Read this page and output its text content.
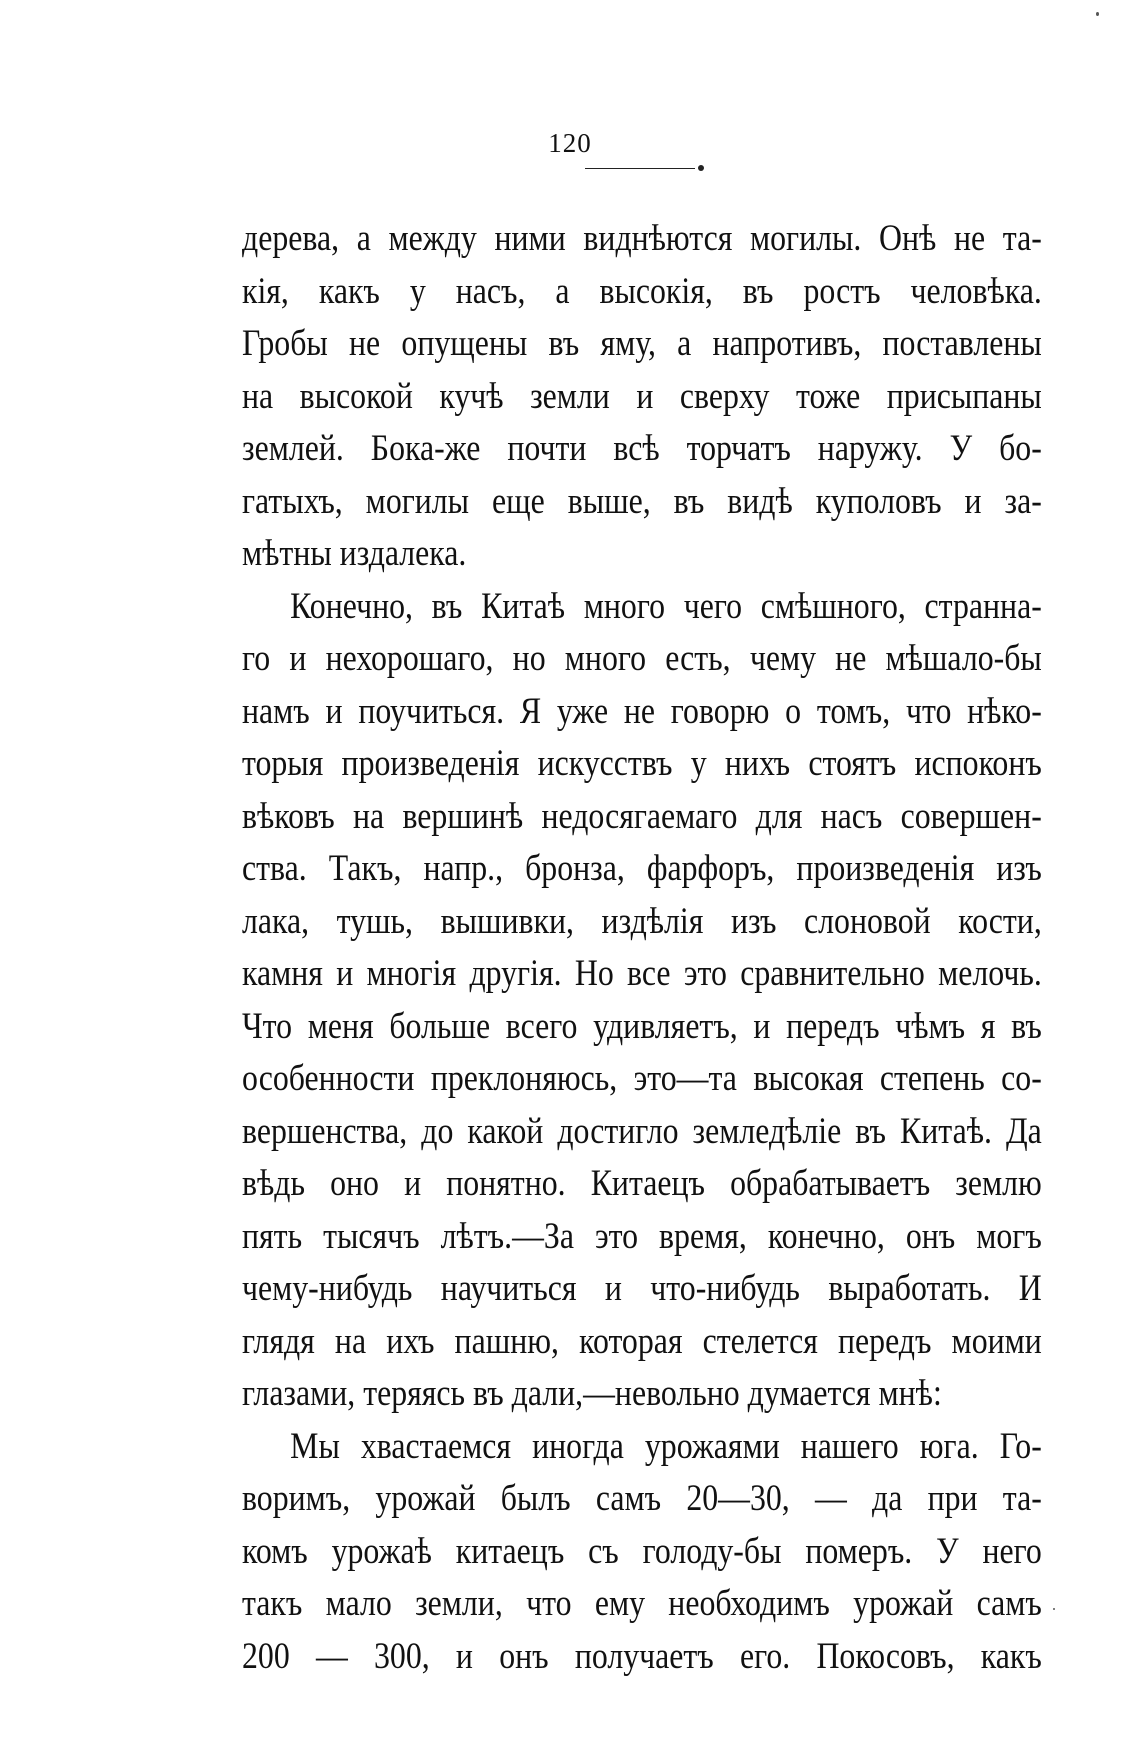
120
дерева, а между ними виднѣются могилы. Онѣ не та-
кія, какъ у насъ, а высокія, въ ростъ человѣка.
Гробы не опущены въ яму, а напротивъ, поставлены
на высокой кучѣ земли и сверху тоже присыпаны
землей. Бока-же почти всѣ торчатъ наружу. У бо-
гатыхъ, могилы еще выше, въ видѣ куполовъ и за-
мѣтны издалека.
Конечно, въ Китаѣ много чего смѣшного, странна-
го и нехорошаго, но много есть, чему не мѣшало-бы
намъ и поучиться. Я уже не говорю о томъ, что нѣко-
торыя произведенія искусствъ у нихъ стоятъ испоконъ
вѣковъ на вершинѣ недосягаемаго для насъ совершен-
ства. Такъ, напр., бронза, фарфоръ, произведенія изъ
лака, тушь, вышивки, издѣлія изъ слоновой кости,
камня и многія другія. Но все это сравнительно мелочь.
Что меня больше всего удивляетъ, и передъ чѣмъ я въ
особенности преклоняюсь, это—та высокая степень со-
вершенства, до какой достигло земледѣліе въ Китаѣ. Да
вѣдь оно и понятно. Китаецъ обрабатываетъ землю
пять тысячъ лѣтъ.—За это время, конечно, онъ могъ
чему-нибудь научиться и что-нибудь выработать. И
глядя на ихъ пашню, которая стелется передъ моими
глазами, теряясь въ дали,—невольно думается мнѣ:
Мы хвастаемся иногда урожаями нашего юга. Го-
воримъ, урожай былъ самъ 20—30, — да при та-
комъ урожаѣ китаецъ съ голоду-бы померъ. У него
такъ мало земли, что ему необходимъ урожай самъ
200 — 300, и онъ получаетъ его. Покосовъ, какъ
